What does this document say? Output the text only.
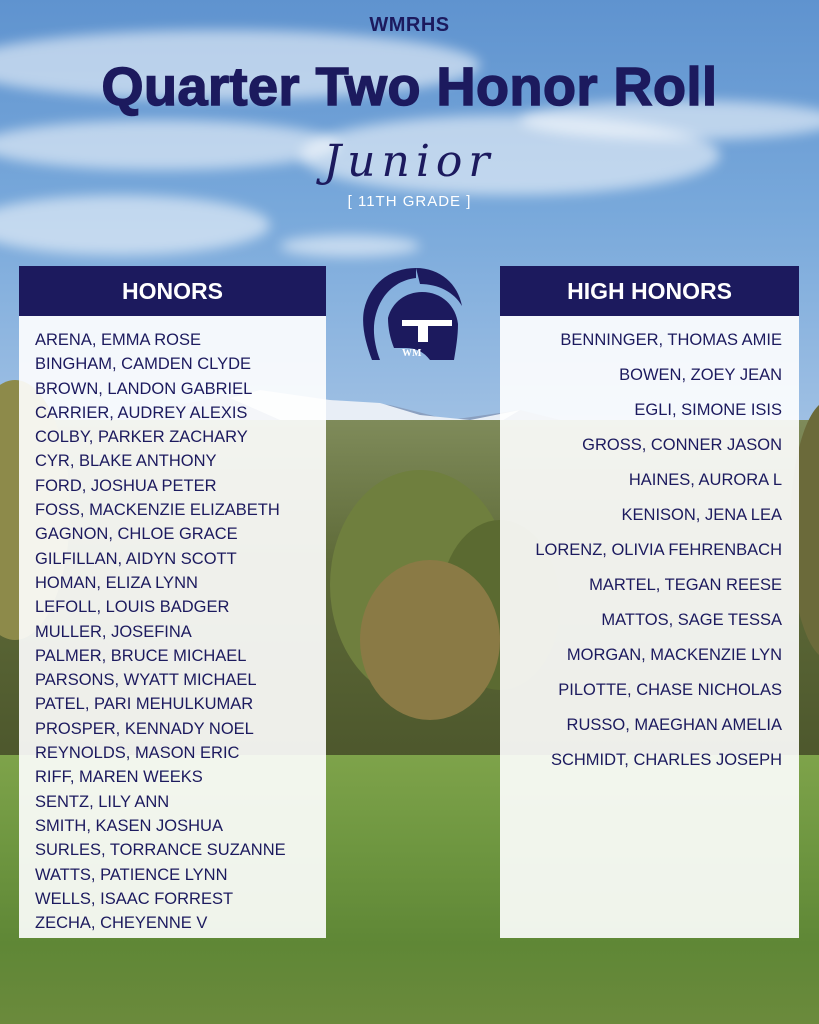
WMRHS
Quarter Two Honor Roll
Junior
[ 11TH GRADE ]
HONORS
ARENA, EMMA ROSE
BINGHAM, CAMDEN CLYDE
BROWN, LANDON GABRIEL
CARRIER, AUDREY ALEXIS
COLBY, PARKER ZACHARY
CYR, BLAKE ANTHONY
FORD, JOSHUA PETER
FOSS, MACKENZIE ELIZABETH
GAGNON, CHLOE GRACE
GILFILLAN, AIDYN SCOTT
HOMAN, ELIZA LYNN
LEFOLL, LOUIS BADGER
MULLER, JOSEFINA
PALMER, BRUCE MICHAEL
PARSONS, WYATT MICHAEL
PATEL, PARI MEHULKUMAR
PROSPER, KENNADY NOEL
REYNOLDS, MASON ERIC
RIFF, MAREN WEEKS
SENTZ, LILY ANN
SMITH, KASEN JOSHUA
SURLES, TORRANCE SUZANNE
WATTS, PATIENCE LYNN
WELLS, ISAAC FORREST
ZECHA, CHEYENNE V
WM
HIGH HONORS
BENNINGER, THOMAS AMIE
BOWEN, ZOEY JEAN
EGLI, SIMONE ISIS
GROSS, CONNER JASON
HAINES, AURORA L
KENISON, JENA LEA
LORENZ, OLIVIA FEHRENBACH
MARTEL, TEGAN REESE
MATTOS, SAGE TESSA
MORGAN, MACKENZIE LYN
PILOTTE, CHASE NICHOLAS
RUSSO, MAEGHAN AMELIA
SCHMIDT, CHARLES JOSEPH
